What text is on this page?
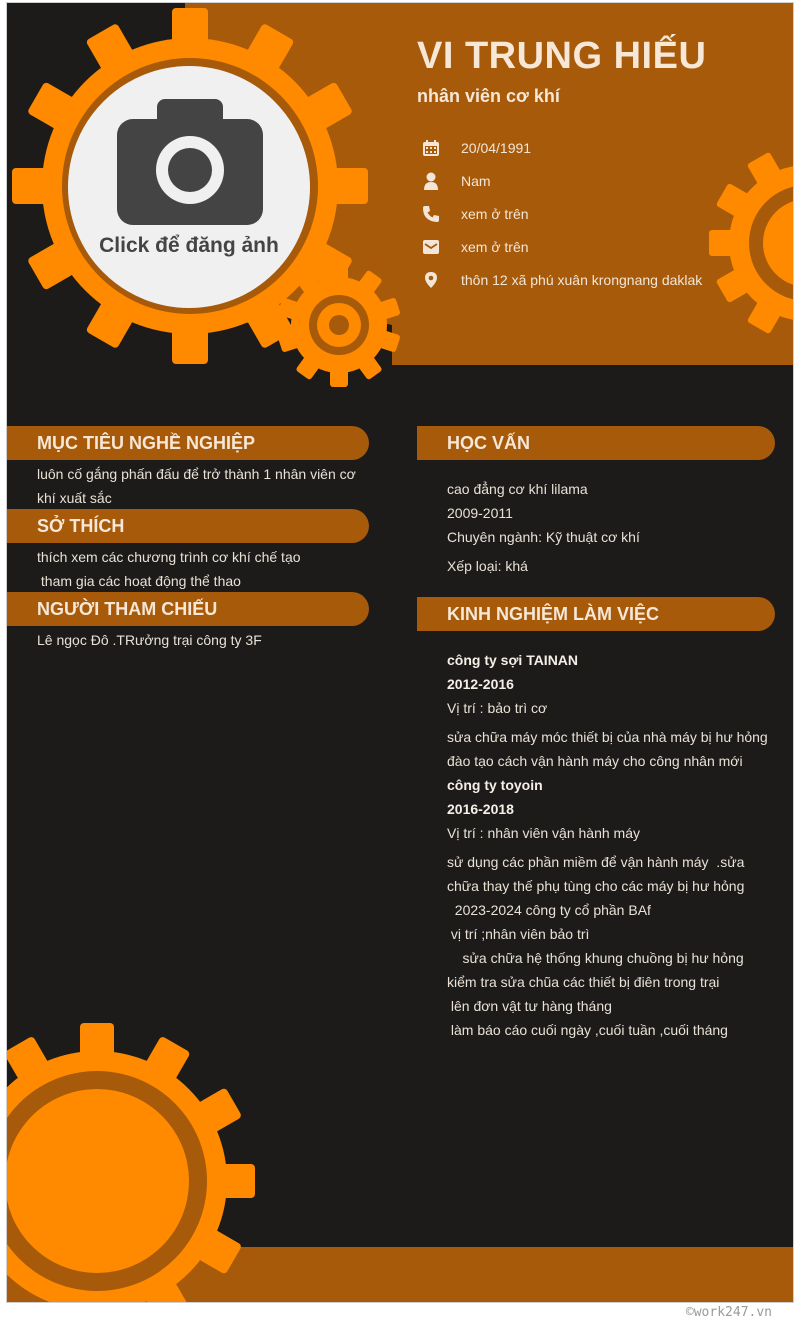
Click để đăng ảnh
VI TRUNG HIẾU
nhân viên cơ khí
20/04/1991
Nam
xem ở trên
xem ở trên
thôn 12 xã phú xuân krongnang daklak
MỤC TIÊU NGHỀ NGHIỆP
luôn cố gắng phấn đấu để trở thành 1 nhân viên cơ
khí xuất sắc
SỞ THÍCH
thích xem các chương trình cơ khí chế tạo
tham gia các hoạt động thể thao
NGƯỜI THAM CHIẾU
Lê ngọc Đô .TRưởng trại công ty 3F
HỌC VẤN
cao đẳng cơ khí lilama
2009-2011
Chuyên ngành: Kỹ thuật cơ khí
Xếp loại: khá
KINH NGHIỆM LÀM VIỆC
công ty sợi TAINAN
2012-2016
Vị trí : bảo trì cơ
sửa chữa máy móc thiết bị của nhà máy bị hư hỏng
đào tạo cách vận hành máy cho công nhân mới
công ty toyoin
2016-2018
Vị trí : nhân viên vận hành máy
sử dụng các phần miềm để vận hành máy  .sửa
chữa thay thế phụ tùng cho các máy bị hư hỏng
2023-2024 công ty cổ phần BAf
vị trí ;nhân viên bảo trì
sửa chữa hệ thống khung chuồng bị hư hỏng
kiểm tra sửa chũa các thiết bị điên trong trại
lên đơn vật tư hàng tháng
làm báo cáo cuối ngày ,cuối tuần ,cuối tháng
©work247.vn
